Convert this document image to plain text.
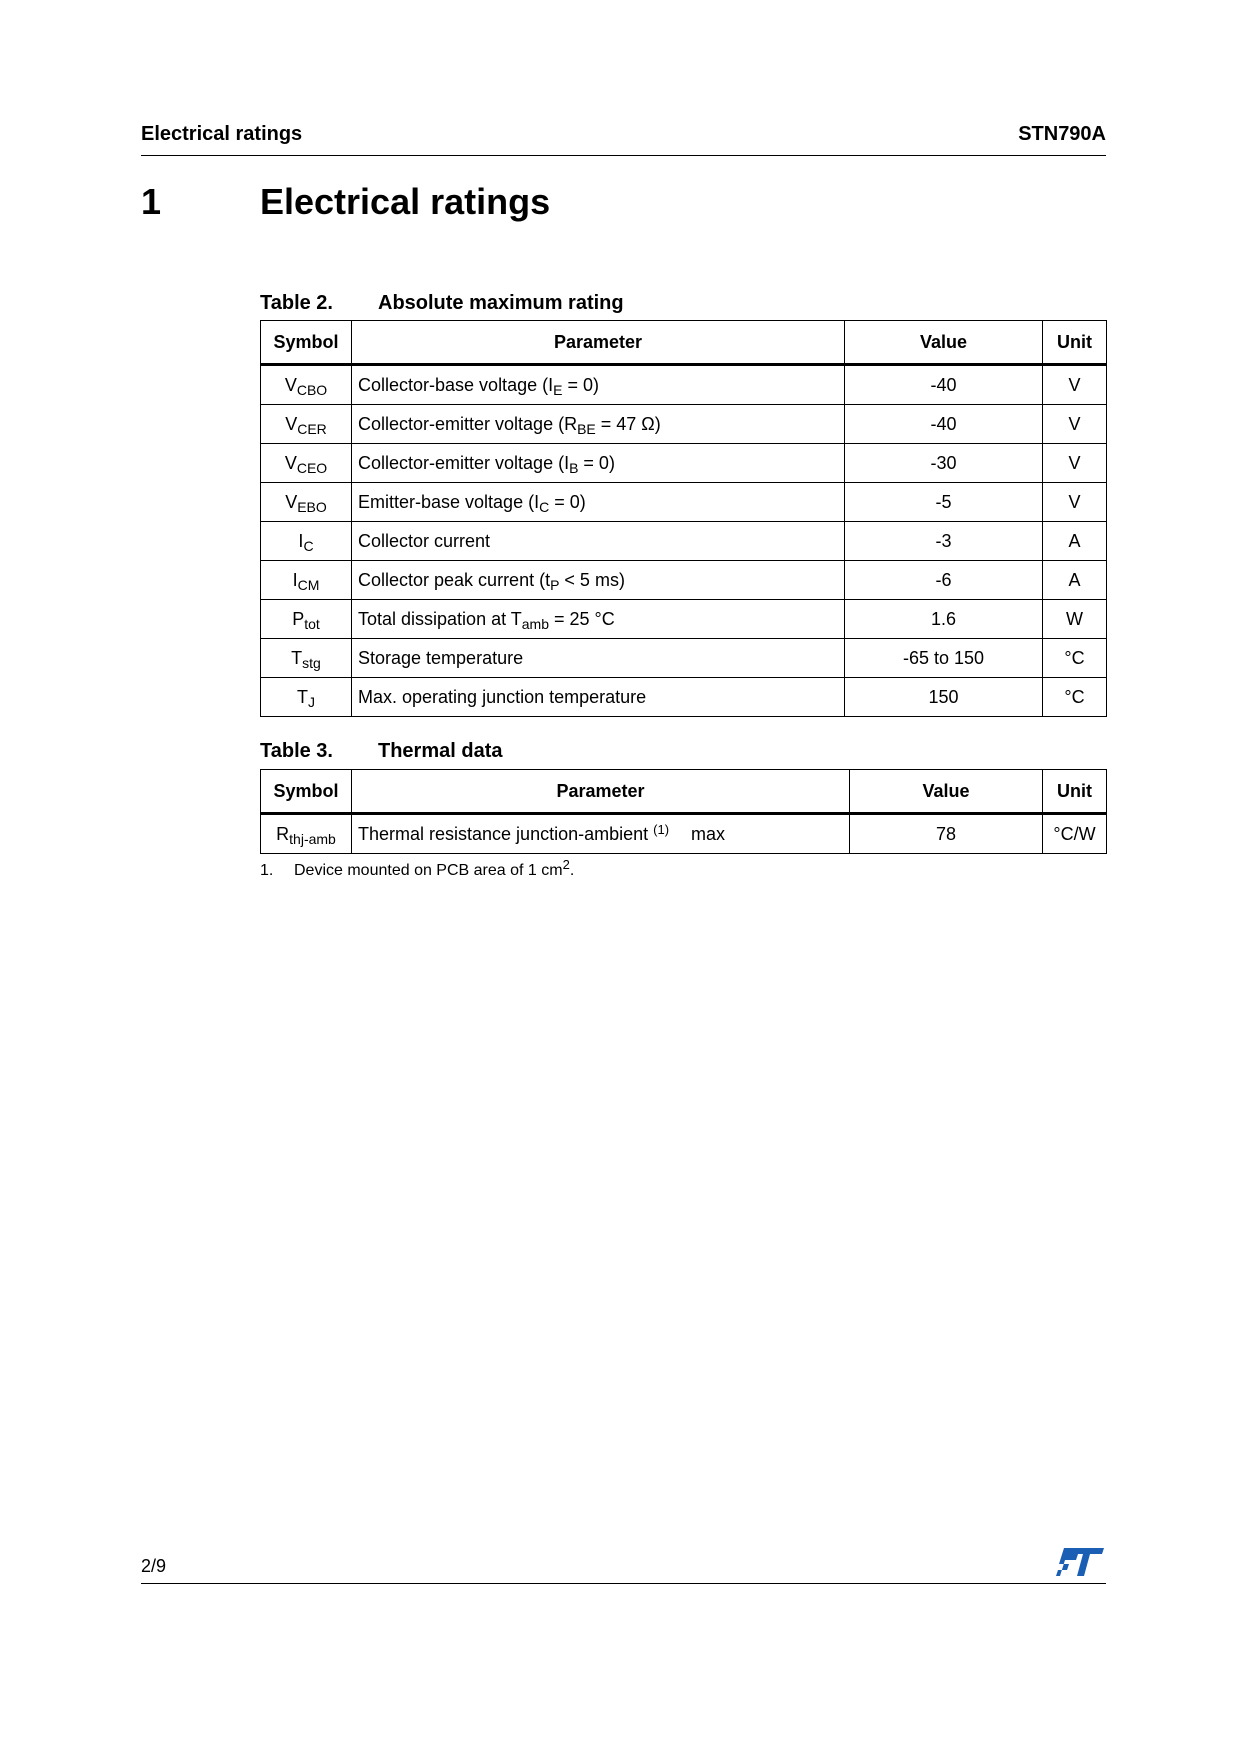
Electrical ratings	STN790A
1	Electrical ratings
Table 2. Absolute maximum rating
Symbol	Parameter	Value	Unit
$V_{CBO}$	Collector-base voltage $(I_E = 0)$	-40	V
$V_{CER}$	Collector-emitter voltage ($R_{BE} = 47$ Ω)	-40	V
$V_{CEO}$	Collector-emitter voltage $(I_B = 0)$	-30	V
$V_{EBO}$	Emitter-base voltage $(I_C = 0)$	-5	V
$I_C$	Collector current	-3	A
$I_{CM}$	Collector peak current ($t_P < 5$ ms)	-6	A
$P_{tot}$	Total dissipation at $T_{amb} = 25$ °C	1.6	W
$T_{stg}$	Storage temperature	-65 to 150	°C
$T_J$	Max. operating junction temperature	150	°C
Table 3. Thermal data
Symbol	Parameter	Value	Unit
$R_{thj-amb}$	Thermal resistance junction-ambient $^{(1)}$ max	78	°C/W
1. Device mounted on PCB area of 1 $cm^2$.
2/9
